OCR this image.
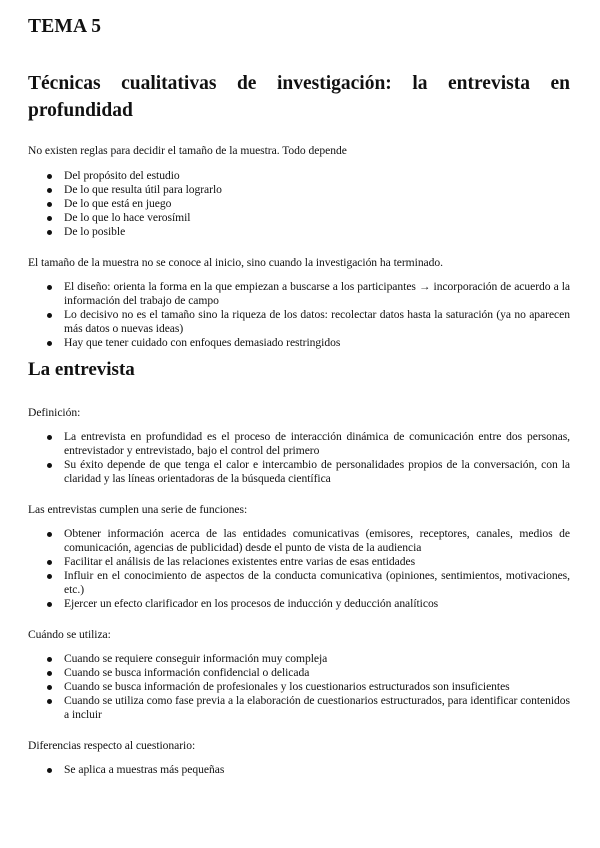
TEMA 5
Técnicas cualitativas de investigación: la entrevista en profundidad

No existen reglas para decidir el tamaño de la muestra. Todo depende

Del propósito del estudio
De lo que resulta útil para lograrlo
De lo que está en juego
De lo que lo hace verosímil
De lo posible

El tamaño de la muestra no se conoce al inicio, sino cuando la investigación ha terminado.

El diseño: orienta la forma en la que empiezan a buscarse a los participantes → incorporación de acuerdo a la información del trabajo de campo
Lo decisivo no es el tamaño sino la riqueza de los datos: recolectar datos hasta la saturación (ya no aparecen más datos o nuevas ideas)
Hay que tener cuidado con enfoques demasiado restringidos
La entrevista

Definición:

La entrevista en profundidad es el proceso de interacción dinámica de comunicación entre dos personas, entrevistador y entrevistado, bajo el control del primero
Su éxito depende de que tenga el calor e intercambio de personalidades propios de la conversación, con la claridad y las líneas orientadoras de la búsqueda científica

Las entrevistas cumplen una serie de funciones:

Obtener información acerca de las entidades comunicativas (emisores, receptores, canales, medios de comunicación, agencias de publicidad) desde el punto de vista de la audiencia
Facilitar el análisis de las relaciones existentes entre varias de esas entidades
Influir en el conocimiento de aspectos de la conducta comunicativa (opiniones, sentimientos, motivaciones, etc.)
Ejercer un efecto clarificador en los procesos de inducción y deducción analíticos

Cuándo se utiliza:

Cuando se requiere conseguir información muy compleja
Cuando se busca información confidencial o delicada
Cuando se busca información de profesionales y los cuestionarios estructurados son insuficientes
Cuando se utiliza como fase previa a la elaboración de cuestionarios estructurados, para identificar contenidos a incluir

Diferencias respecto al cuestionario:

Se aplica a muestras más pequeñas
